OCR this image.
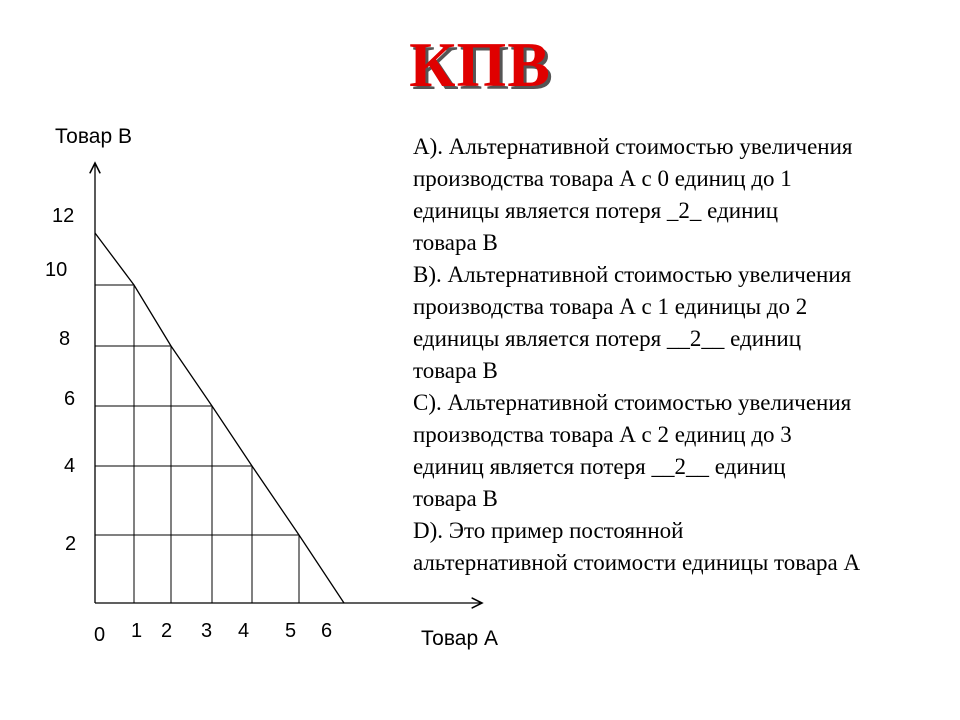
КПВ
Товар В
Товар А
12
10
8
6
4
2
0 1 2 3 4 5 6
А). Альтернативной стоимостью увеличения
производства товара А с 0 единиц до 1
единицы является потеря _2_ единиц
товара В
В). Альтернативной стоимостью увеличения
производства товара А с 1 единицы до 2
единицы является потеря __2__ единиц
товара В
С). Альтернативной стоимостью увеличения
производства товара А с 2 единиц до 3
единиц является потеря __2__ единиц
товара В
D). Это пример постоянной
альтернативной стоимости единицы товара А
